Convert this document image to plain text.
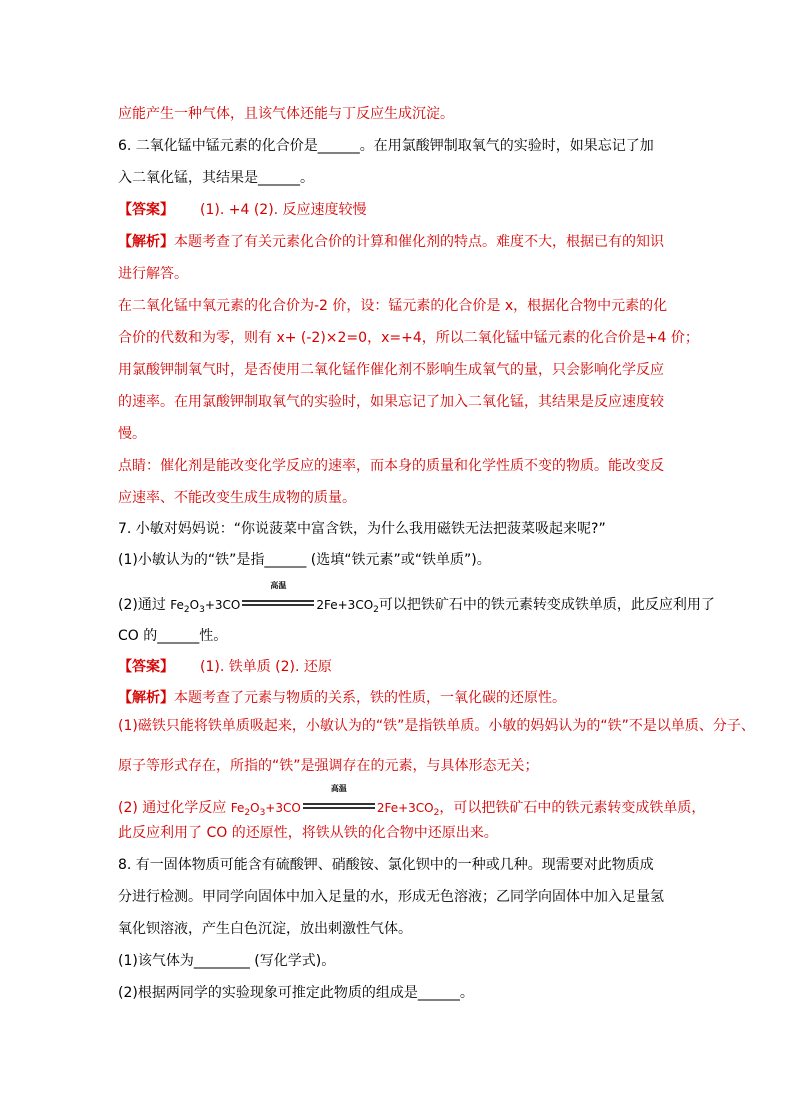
应能产生一种气体，且该气体还能与丁反应生成沉淀。
6. 二氧化锰中锰元素的化合价是______。在用氯酸钾制取氧气的实验时，如果忘记了加
入二氧化锰，其结果是______。
【答案】 (1). +4 (2). 反应速度较慢
【解析】本题考查了有关元素化合价的计算和催化剂的特点。难度不大，根据已有的知识
进行解答。
在二氧化锰中氧元素的化合价为-2 价，设：锰元素的化合价是 x，根据化合物中元素的化
合价的代数和为零，则有 x+ (-2)×2=0，x=+4，所以二氧化锰中锰元素的化合价是+4 价；
用氯酸钾制氧气时，是否使用二氧化锰作催化剂不影响生成氧气的量，只会影响化学反应
的速率。在用氯酸钾制取氧气的实验时，如果忘记了加入二氧化锰，其结果是反应速度较
慢。
点睛：催化剂是能改变化学反应的速率，而本身的质量和化学性质不变的物质。能改变反
应速率、不能改变生成生成物的质量。
7. 小敏对妈妈说：“你说菠菜中富含铁，为什么我用磁铁无法把菠菜吸起来呢?”
(1)小敏认为的“铁”是指______ (选填“铁元素”或“铁单质”)。
(2)通过 $Fe_2O_3+3CO$
高温
$2Fe+3CO_2$可以把铁矿石中的铁元素转变成铁单质，此反应利用了
CO 的______性。
【答案】 (1). 铁单质 (2). 还原
【解析】本题考查了元素与物质的关系，铁的性质，一氧化碳的还原性。
(1)磁铁只能将铁单质吸起来，小敏认为的“铁”是指铁单质。小敏的妈妈认为的“铁”不是以单质、分子、
原子等形式存在，所指的“铁”是强调存在的元素，与具体形态无关；
(2) 通过化学反应 $Fe_2O_3+3CO$
高温
$2Fe+3CO_2$，可以把铁矿石中的铁元素转变成铁单质，
此反应利用了 CO 的还原性，将铁从铁的化合物中还原出来。
8. 有一固体物质可能含有硫酸钾、硝酸铵、氯化钡中的一种或几种。现需要对此物质成
分进行检测。甲同学向固体中加入足量的水，形成无色溶液；乙同学向固体中加入足量氢
氧化钡溶液，产生白色沉淀，放出刺激性气体。
(1)该气体为________ (写化学式)。
(2)根据两同学的实验现象可推定此物质的组成是______。
